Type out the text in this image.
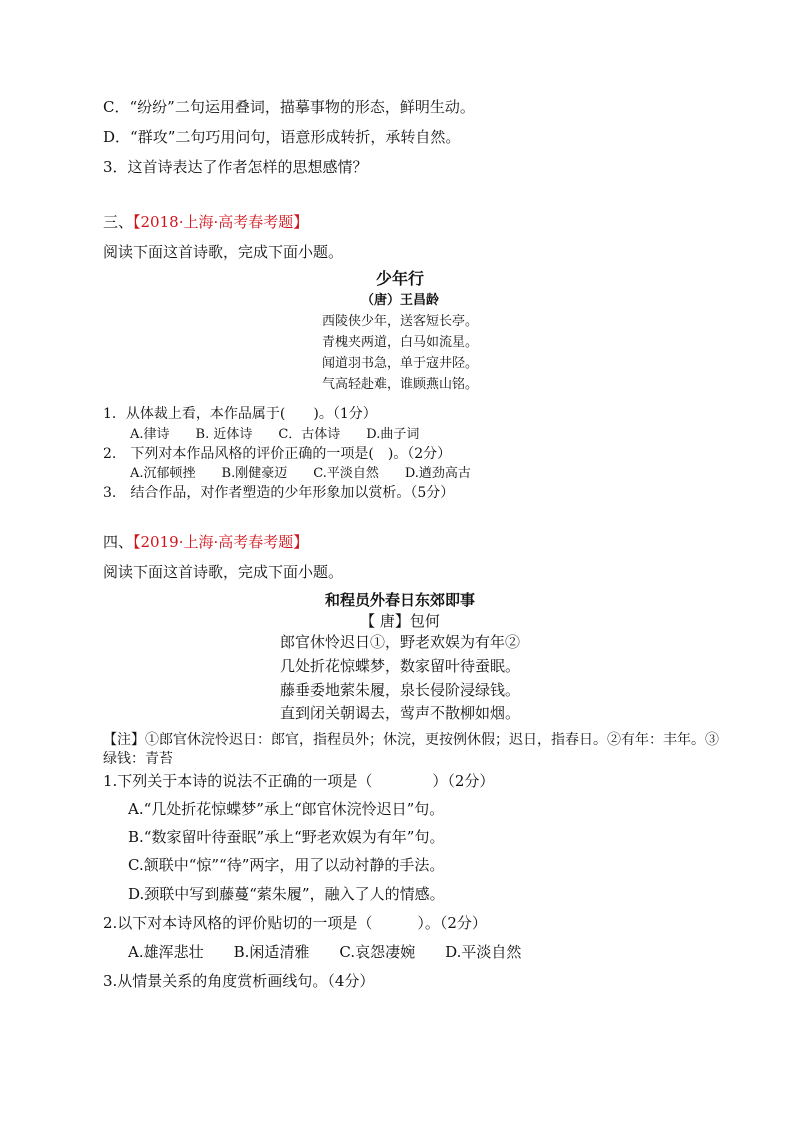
C．“纷纷”二句运用叠词，描摹事物的形态，鲜明生动。
D．“群攻”二句巧用问句，语意形成转折，承转自然。
3．这首诗表达了作者怎样的思想感情？
三、【2018·上海·高考春考题】
阅读下面这首诗歌，完成下面小题。
少年行
（唐）王昌龄
西陵侠少年，送客短长亭。
青槐夹两道，白马如流星。
闻道羽书急，单于寇井陉。
气高轻赴难，谁顾燕山铭。
1．从体裁上看，本作品属于(　　)。（1分）
A.律诗　　B. 近体诗　　C．古体诗　　D.曲子词
2.　下列对本作品风格的评价正确的一项是(　)。（2分）
A.沉郁顿挫　　B.刚健豪迈　　C.平淡自然　　D.遒劲高古
3.　结合作品，对作者塑造的少年形象加以赏析。（5分）
四、【2019·上海·高考春考题】
阅读下面这首诗歌，完成下面小题。
和程员外春日东郊即事
【 唐】包何
郎官休怜迟日①，野老欢娱为有年②
几处折花惊蝶梦，数家留叶待蚕眠。
藤垂委地萦朱履，泉长侵阶浸绿钱。
直到闭关朝谒去，莺声不散柳如烟。
【注】①郎官休浣怜迟日：郎官，指程员外；休浣，更按例休假；迟日，指春日。②有年：丰年。③
绿钱：青苔
1.下列关于本诗的说法不正确的一项是（　　　　）（2分）
A.“几处折花惊蝶梦”承上“郎官休浣怜迟日”句。
B.“数家留叶待蚕眠”承上“野老欢娱为有年”句。
C.颔联中“惊”“待”两字，用了以动衬静的手法。
D.颈联中写到藤蔓“萦朱履”，融入了人的情感。
2.以下对本诗风格的评价贴切的一项是（　　　）。（2分）
A.雄浑悲壮　　B.闲适清雅　　C.哀怨凄婉　　D.平淡自然
3.从情景关系的角度赏析画线句。（4分）
